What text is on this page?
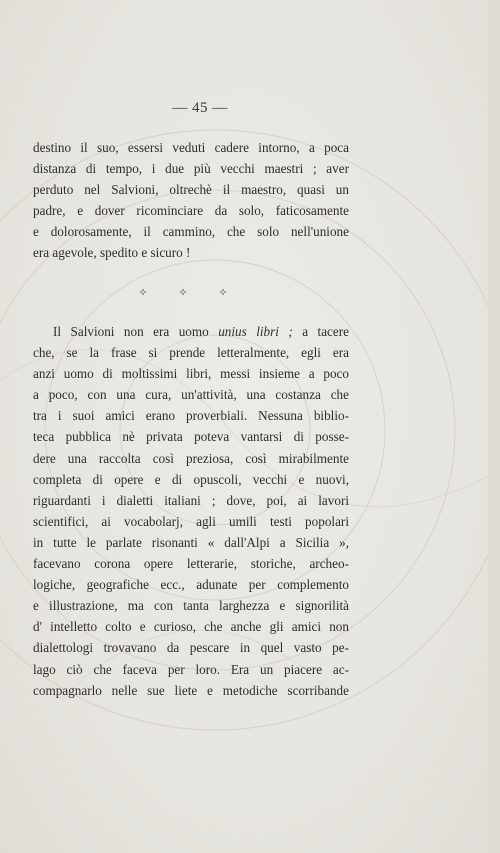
— 45 —
destino il suo, essersi veduti cadere intorno, a poca
distanza di tempo, i due più vecchi maestri ; aver
perduto nel Salvioni, oltrechè il maestro, quasi un
padre, e dover ricominciare da solo, faticosamente
e dolorosamente, il cammino, che solo nell'unione
era agevole, spedito e sicuro !
✧ ✧ ✧
Il Salvioni non era uomo unius libri ; a tacere
che, se la frase si prende letteralmente, egli era
anzi uomo di moltissimi libri, messi insieme a poco
a poco, con una cura, un'attività, una costanza che
tra i suoi amici erano proverbiali. Nessuna biblio-
teca pubblica nè privata poteva vantarsi di posse-
dere una raccolta così preziosa, così mirabilmente
completa di opere e di opuscoli, vecchi e nuovi,
riguardanti i dialetti italiani ; dove, poi, ai lavori
scientifici, ai vocabolarj, agli umili testi popolari
in tutte le parlate risonanti « dall'Alpi a Sicilia »,
facevano corona opere letterarie, storiche, archeo-
logiche, geografiche ecc., adunate per complemento
e illustrazione, ma con tanta larghezza e signorilità
d' intelletto colto e curioso, che anche gli amici non
dialettologi trovavano da pescare in quel vasto pe-
lago ciò che faceva per loro. Era un piacere ac-
compagnarlo nelle sue liete e metodiche scorribande
